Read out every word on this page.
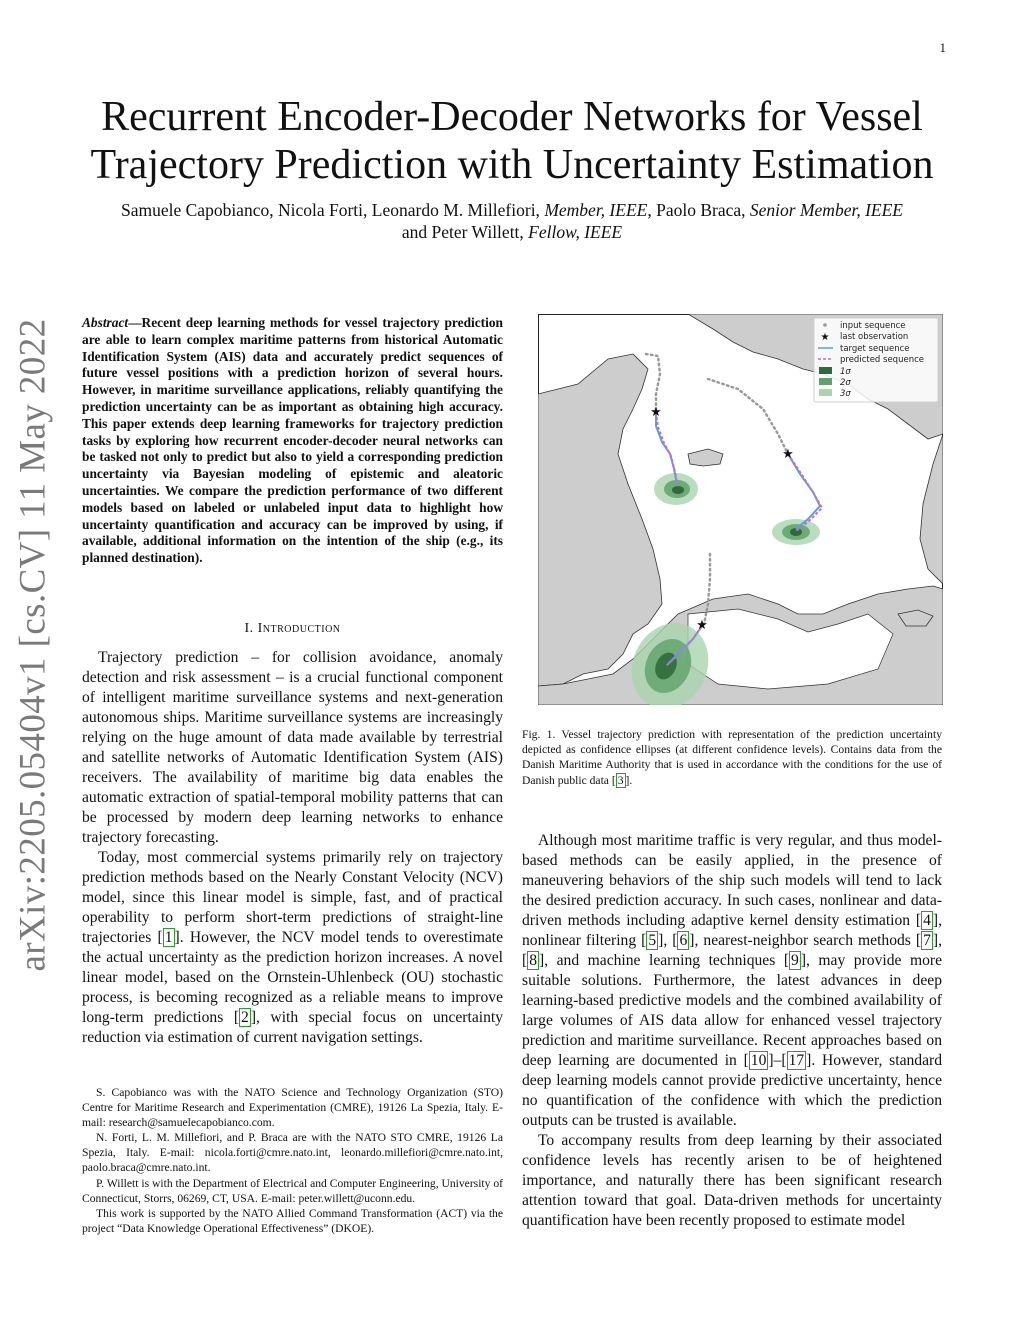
1
arXiv:2205.05404v1 [cs.CV] 11 May 2022
Recurrent Encoder-Decoder Networks for Vessel Trajectory Prediction with Uncertainty Estimation
Samuele Capobianco, Nicola Forti, Leonardo M. Millefiori, Member, IEEE, Paolo Braca, Senior Member, IEEE
and Peter Willett, Fellow, IEEE
Abstract—Recent deep learning methods for vessel trajectory prediction are able to learn complex maritime patterns from historical Automatic Identification System (AIS) data and accurately predict sequences of future vessel positions with a prediction horizon of several hours. However, in maritime surveillance applications, reliably quantifying the prediction uncertainty can be as important as obtaining high accuracy. This paper extends deep learning frameworks for trajectory prediction tasks by exploring how recurrent encoder-decoder neural networks can be tasked not only to predict but also to yield a corresponding prediction uncertainty via Bayesian modeling of epistemic and aleatoric uncertainties. We compare the prediction performance of two different models based on labeled or unlabeled input data to highlight how uncertainty quantification and accuracy can be improved by using, if available, additional information on the intention of the ship (e.g., its planned destination).
I. Introduction

Trajectory prediction – for collision avoidance, anomaly detection and risk assessment – is a crucial functional component of intelligent maritime surveillance systems and next-generation autonomous ships. Maritime surveillance systems are increasingly relying on the huge amount of data made available by terrestrial and satellite networks of Automatic Identification System (AIS) receivers. The availability of maritime big data enables the automatic extraction of spatial-temporal mobility patterns that can be processed by modern deep learning networks to enhance trajectory forecasting.

Today, most commercial systems primarily rely on trajectory prediction methods based on the Nearly Constant Velocity (NCV) model, since this linear model is simple, fast, and of practical operability to perform short-term predictions of straight-line trajectories [ 1 ]. However, the NCV model tends to overestimate the actual uncertainty as the prediction horizon increases. A novel linear model, based on the Ornstein-Uhlenbeck (OU) stochastic process, is becoming recognized as a reliable means to improve long-term predictions [ 2 ], with special focus on uncertainty reduction via estimation of current navigation settings.

S. Capobianco was with the NATO Science and Technology Organization (STO) Centre for Maritime Research and Experimentation (CMRE), 19126 La Spezia, Italy. E-mail: research@samuelecapobianco.com.

N. Forti, L. M. Millefiori, and P. Braca are with the NATO STO CMRE, 19126 La Spezia, Italy. E-mail: nicola.forti@cmre.nato.int, leonardo.millefiori@cmre.nato.int, paolo.braca@cmre.nato.int.

P. Willett is with the Department of Electrical and Computer Engineering, University of Connecticut, Storrs, 06269, CT, USA. E-mail: peter.willett@uconn.edu.

This work is supported by the NATO Allied Command Transformation (ACT) via the project “Data Knowledge Operational Effectiveness” (DKOE).

★
★
★
input sequence
★ last observation
target sequence
predicted sequence
1σ
2σ
3σ
Fig. 1. Vessel trajectory prediction with representation of the prediction uncertainty depicted as confidence ellipses (at different confidence levels). Contains data from the Danish Maritime Authority that is used in accordance with the conditions for the use of Danish public data [ 3 ].

Although most maritime traffic is very regular, and thus model-based methods can be easily applied, in the presence of maneuvering behaviors of the ship such models will tend to lack the desired prediction accuracy. In such cases, nonlinear and data-driven methods including adaptive kernel density estimation [ 4 ], nonlinear filtering [ 5 ], [ 6 ], nearest-neighbor search methods [ 7 ], [ 8 ], and machine learning techniques [ 9 ], may provide more suitable solutions. Furthermore, the latest advances in deep learning-based predictive models and the combined availability of large volumes of AIS data allow for enhanced vessel trajectory prediction and maritime surveillance. Recent approaches based on deep learning are documented in [ 10 ]–[ 17 ]. However, standard deep learning models cannot provide predictive uncertainty, hence no quantification of the confidence with which the prediction outputs can be trusted is available.

To accompany results from deep learning by their associated confidence levels has recently arisen to be of heightened importance, and naturally there has been significant research attention toward that goal. Data-driven methods for uncertainty quantification have been recently proposed to estimate model
